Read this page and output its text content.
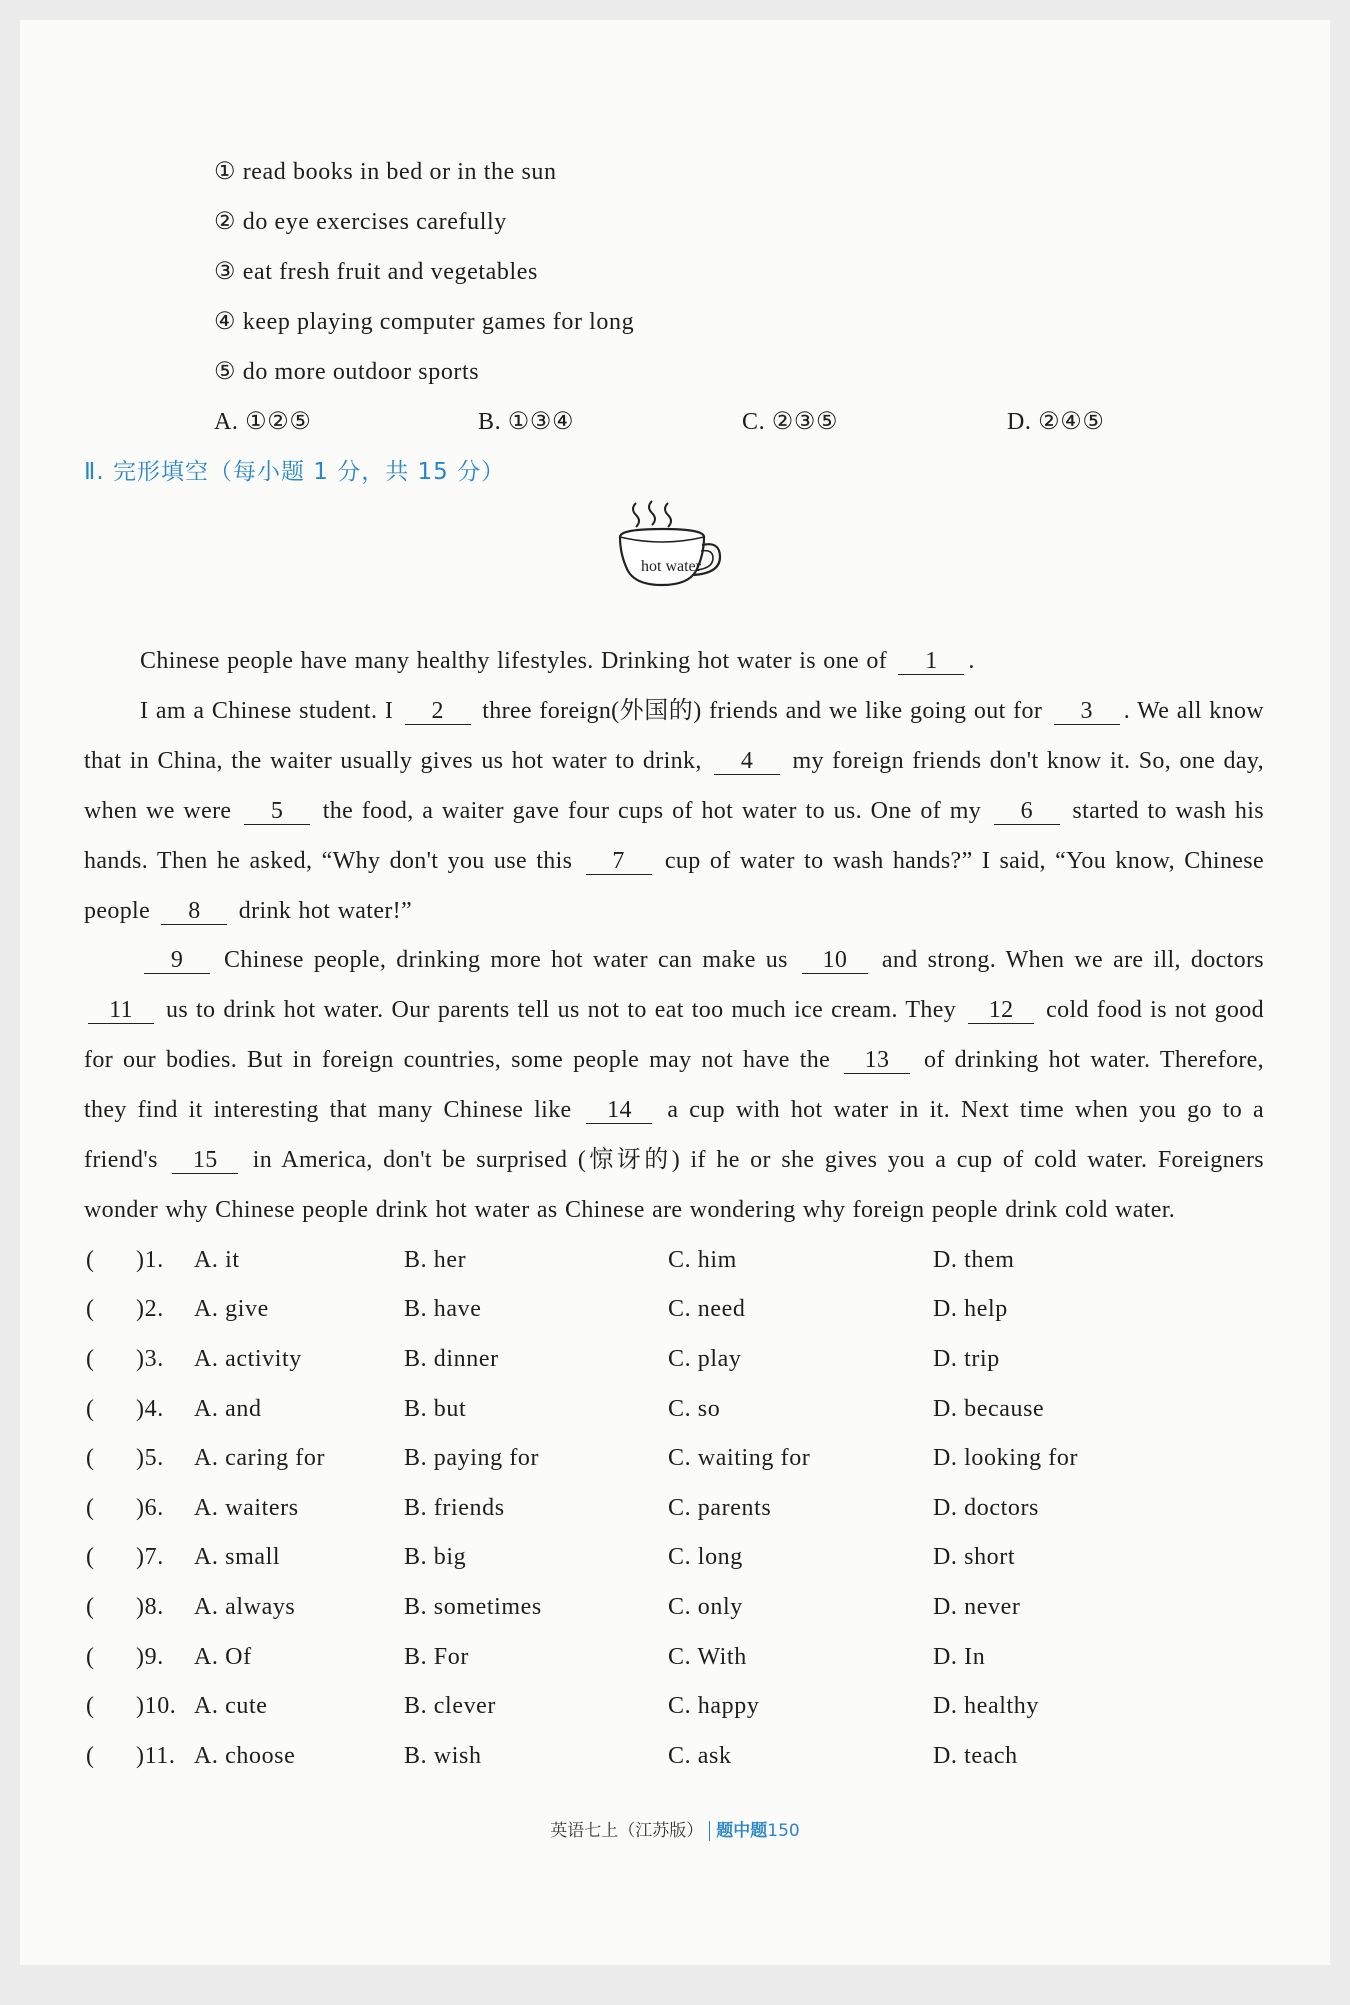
① read books in bed or in the sun
② do eye exercises carefully
③ eat fresh fruit and vegetables
④ keep playing computer games for long
⑤ do more outdoor sports
A. ①②⑤	B. ①③④	C. ②③⑤	D. ②④⑤
Ⅱ. 完形填空（每小题 1 分，共 15 分）
hot water

Chinese people have many healthy lifestyles. Drinking hot water is one of 1 .

I am a Chinese student. I 2 three foreign(外国的) friends and we like going out for 3 . We all know that in China, the waiter usually gives us hot water to drink, 4 my foreign friends don't know it. So, one day, when we were 5 the food, a waiter gave four cups of hot water to us. One of my 6 started to wash his hands. Then he asked, “Why don't you use this 7 cup of water to wash hands?” I said, “You know, Chinese people 8 drink hot water!”

9 Chinese people, drinking more hot water can make us 10 and strong. When we are ill, doctors 11 us to drink hot water. Our parents tell us not to eat too much ice cream. They 12 cold food is not good for our bodies. But in foreign countries, some people may not have the 13 of drinking hot water. Therefore, they find it interesting that many Chinese like 14 a cup with hot water in it. Next time when you go to a friend's 15 in America, don't be surprised (惊讶的) if he or she gives you a cup of cold water. Foreigners wonder why Chinese people drink hot water as Chinese are wondering why foreign people drink cold water.

(	)1.	A. it	B. her	C. him	D. them
(	)2.	A. give	B. have	C. need	D. help
(	)3.	A. activity	B. dinner	C. play	D. trip
(	)4.	A. and	B. but	C. so	D. because
(	)5.	A. caring for	B. paying for	C. waiting for	D. looking for
(	)6.	A. waiters	B. friends	C. parents	D. doctors
(	)7.	A. small	B. big	C. long	D. short
(	)8.	A. always	B. sometimes	C. only	D. never
(	)9.	A. Of	B. For	C. With	D. In
(	)10. A. cute	B. clever	C. happy	D. healthy
(	)11. A. choose	B. wish	C. ask	D. teach
英语七上（江苏版） 题中题150
